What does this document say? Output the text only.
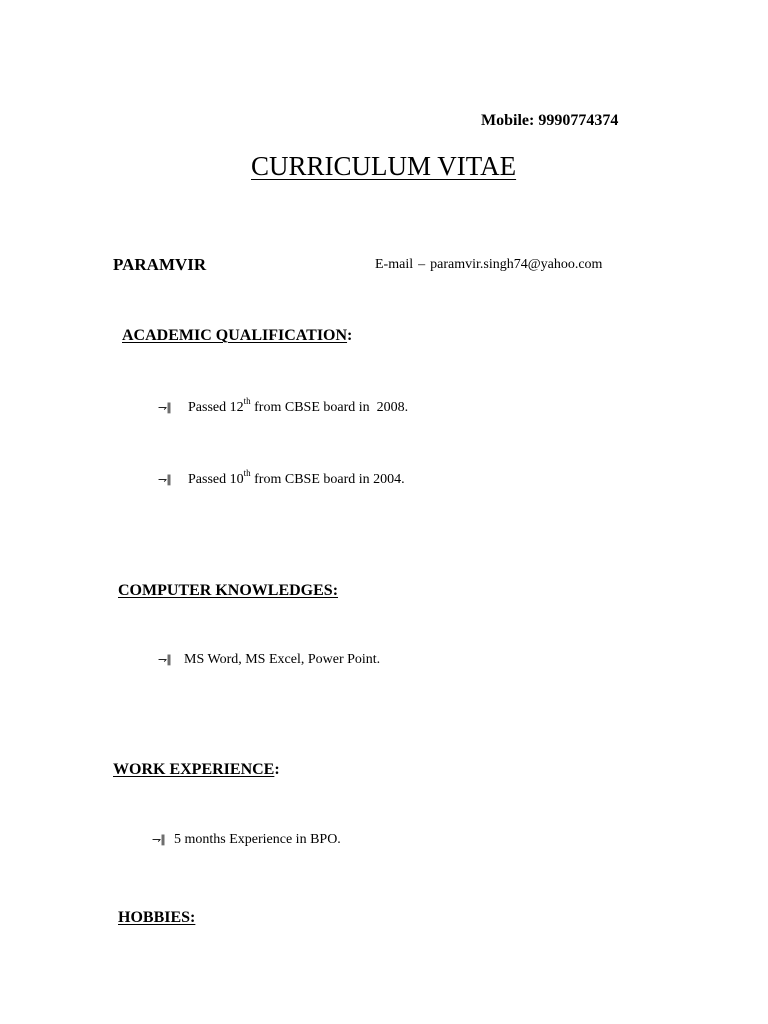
Mobile: 9990774374
CURRICULUM VITAE
PARAMVIR	E-mail – paramvir.singh74@yahoo.com
ACADEMIC QUALIFICATION:
⇁∥	Passed 12th from CBSE board in  2008.
⇁∥	Passed 10th from CBSE board in 2004.
COMPUTER KNOWLEDGES:
⇁∥ MS Word, MS Excel, Power Point.
WORK EXPERIENCE:
⇁∥ 5 months Experience in BPO.
HOBBIES:
